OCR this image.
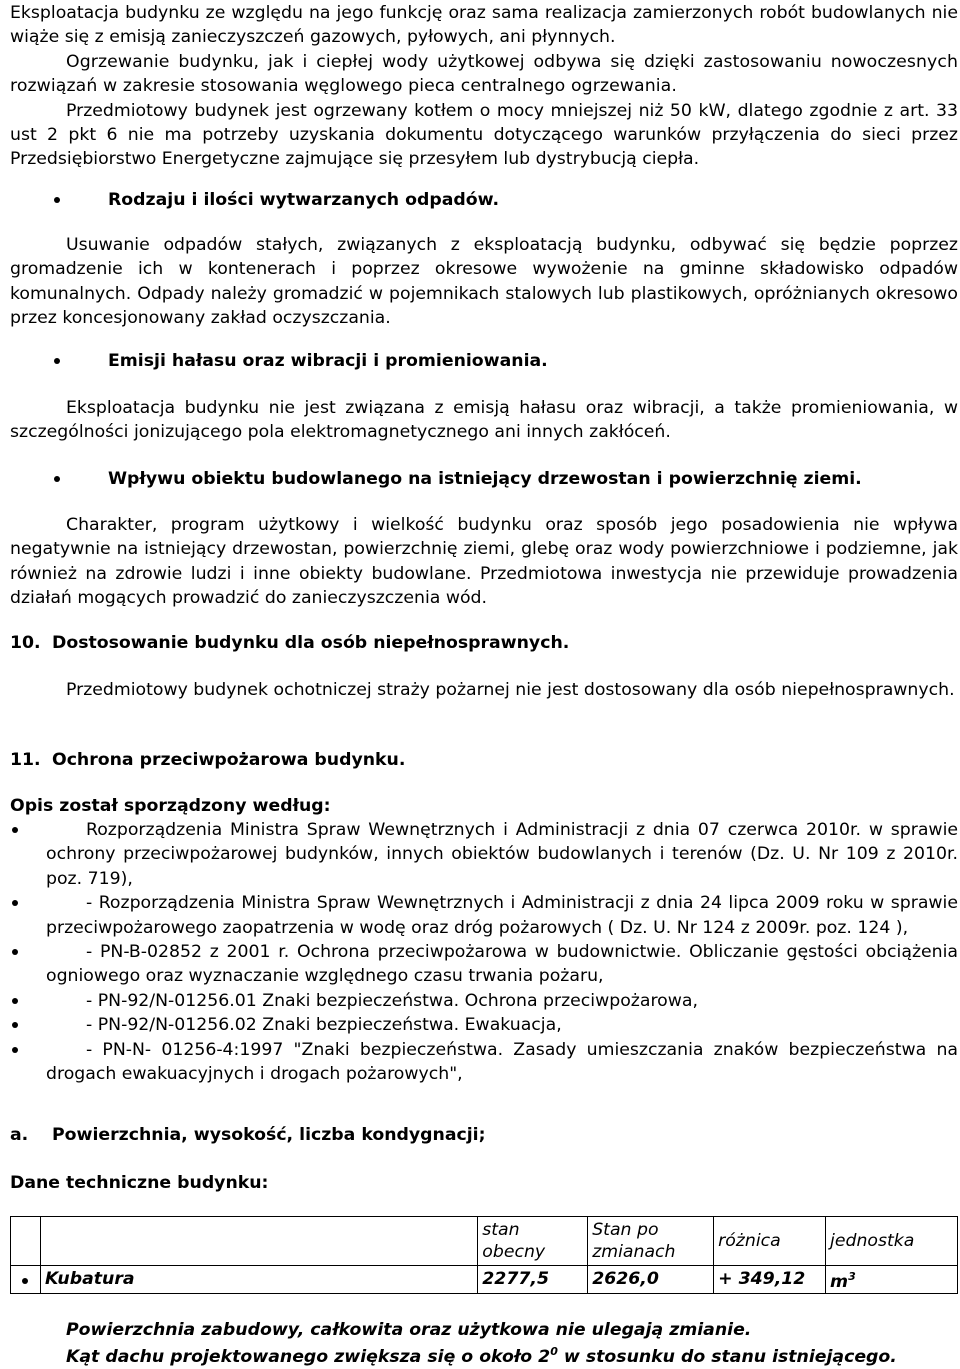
Eksploatacja budynku ze względu na jego funkcję oraz sama realizacja zamierzonych robót budowlanych nie wiąże się z emisją zanieczyszczeń gazowych, pyłowych, ani płynnych.

Ogrzewanie budynku, jak i ciepłej wody użytkowej odbywa się dzięki zastosowaniu nowoczesnych rozwiązań w zakresie stosowania węglowego pieca centralnego ogrzewania.

Przedmiotowy budynek jest ogrzewany kotłem o mocy mniejszej niż 50 kW, dlatego zgodnie z art. 33 ust 2 pkt 6 nie ma potrzeby uzyskania dokumentu dotyczącego warunków przyłączenia do sieci przez Przedsiębiorstwo Energetyczne zajmujące się przesyłem lub dystrybucją ciepła.

Rodzaju i ilości wytwarzanych odpadów.

Usuwanie odpadów stałych, związanych z eksploatacją budynku, odbywać się będzie poprzez gromadzenie ich w kontenerach i poprzez okresowe wywożenie na gminne składowisko odpadów komunalnych. Odpady należy gromadzić w pojemnikach stalowych lub plastikowych, opróżnianych okresowo przez koncesjonowany zakład oczyszczania.

Emisji hałasu oraz wibracji i promieniowania.

Eksploatacja budynku nie jest związana z emisją hałasu oraz wibracji, a także promieniowania, w szczególności jonizującego pola elektromagnetycznego ani innych zakłóceń.

Wpływu obiektu budowlanego na istniejący drzewostan i powierzchnię ziemi.

Charakter, program użytkowy i wielkość budynku oraz sposób jego posadowienia nie wpływa negatywnie na istniejący drzewostan, powierzchnię ziemi, glebę oraz wody powierzchniowe i podziemne, jak również na zdrowie ludzi i inne obiekty budowlane. Przedmiotowa inwestycja nie przewiduje prowadzenia działań mogących prowadzić do zanieczyszczenia wód.

10. Dostosowanie budynku dla osób niepełnosprawnych.

Przedmiotowy budynek ochotniczej straży pożarnej nie jest dostosowany dla osób niepełnosprawnych.

11. Ochrona przeciwpożarowa budynku.
Opis został sporządzony według:
Rozporządzenia Ministra Spraw Wewnętrznych i Administracji z dnia 07 czerwca 2010r. w sprawie ochrony przeciwpożarowej budynków, innych obiektów budowlanych i terenów (Dz. U. Nr 109 z 2010r. poz. 719),
- Rozporządzenia Ministra Spraw Wewnętrznych i Administracji z dnia 24 lipca 2009 roku w sprawie przeciwpożarowego zaopatrzenia w wodę oraz dróg pożarowych ( Dz. U. Nr 124 z 2009r. poz. 124 ),
- PN-B-02852 z 2001 r. Ochrona przeciwpożarowa w budownictwie. Obliczanie gęstości obciążenia ogniowego oraz wyznaczanie względnego czasu trwania pożaru,
- PN-92/N-01256.01 Znaki bezpieczeństwa. Ochrona przeciwpożarowa,
- PN-92/N-01256.02 Znaki bezpieczeństwa. Ewakuacja,
- PN-N- 01256-4:1997 "Znaki bezpieczeństwa. Zasady umieszczania znaków bezpieczeństwa na drogach ewakuacyjnych i drogach pożarowych",
a.	Powierzchnia, wysokość, liczba kondygnacji;
Dane techniczne budynku:
		stan obecny	Stan po zmianach	różnica	jednostka
	Kubatura	2277,5	2626,0	+ 349,12	$m^3$
Powierzchnia zabudowy, całkowita oraz użytkowa nie ulegają zmianie.
Kąt dachu projektowanego zwiększa się o około $2^0$ w stosunku do stanu istniejącego.
